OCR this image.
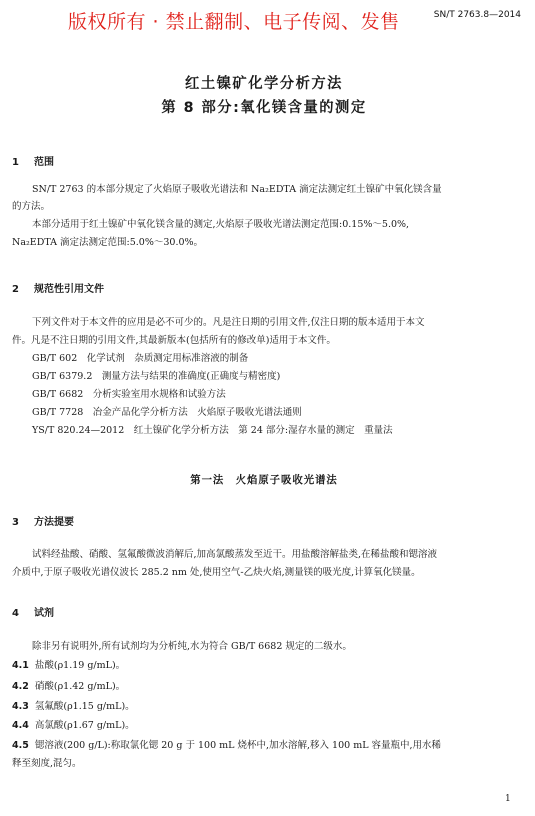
版权所有 · 禁止翻制、电子传阅、发售	SN/T 2763.8—2014
红土镍矿化学分析方法
第 8 部分:氧化镁含量的测定
1 范围
SN/T 2763 的本部分规定了火焰原子吸收光谱法和 Na₂EDTA 滴定法测定红土镍矿中氧化镁含量
的方法。
本部分适用于红土镍矿中氧化镁含量的测定,火焰原子吸收光谱法测定范围:0.15%～5.0%,
Na₂EDTA 滴定法测定范围:5.0%～30.0%。
2 规范性引用文件
下列文件对于本文件的应用是必不可少的。凡是注日期的引用文件,仅注日期的版本适用于本文
件。凡是不注日期的引用文件,其最新版本(包括所有的修改单)适用于本文件。
GB/T 602　化学试剂　杂质测定用标准溶液的制备
GB/T 6379.2　测量方法与结果的准确度(正确度与精密度)
GB/T 6682　分析实验室用水规格和试验方法
GB/T 7728　冶金产品化学分析方法　火焰原子吸收光谱法通则
YS/T 820.24—2012　红土镍矿化学分析方法　第 24 部分:湿存水量的测定　重量法
第一法　火焰原子吸收光谱法
3 方法提要
试料经盐酸、硝酸、氢氟酸微波消解后,加高氯酸蒸发至近干。用盐酸溶解盐类,在稀盐酸和锶溶液
介质中,于原子吸收光谱仪波长 285.2 nm 处,使用空气-乙炔火焰,测量镁的吸光度,计算氧化镁量。
4 试剂
除非另有说明外,所有试剂均为分析纯,水为符合 GB/T 6682 规定的二级水。
4.1 盐酸(ρ1.19 g/mL)。
4.2 硝酸(ρ1.42 g/mL)。
4.3 氢氟酸(ρ1.15 g/mL)。
4.4 高氯酸(ρ1.67 g/mL)。
4.5 锶溶液(200 g/L):称取氯化锶 20 g 于 100 mL 烧杯中,加水溶解,移入 100 mL 容量瓶中,用水稀
释至刻度,混匀。
1
